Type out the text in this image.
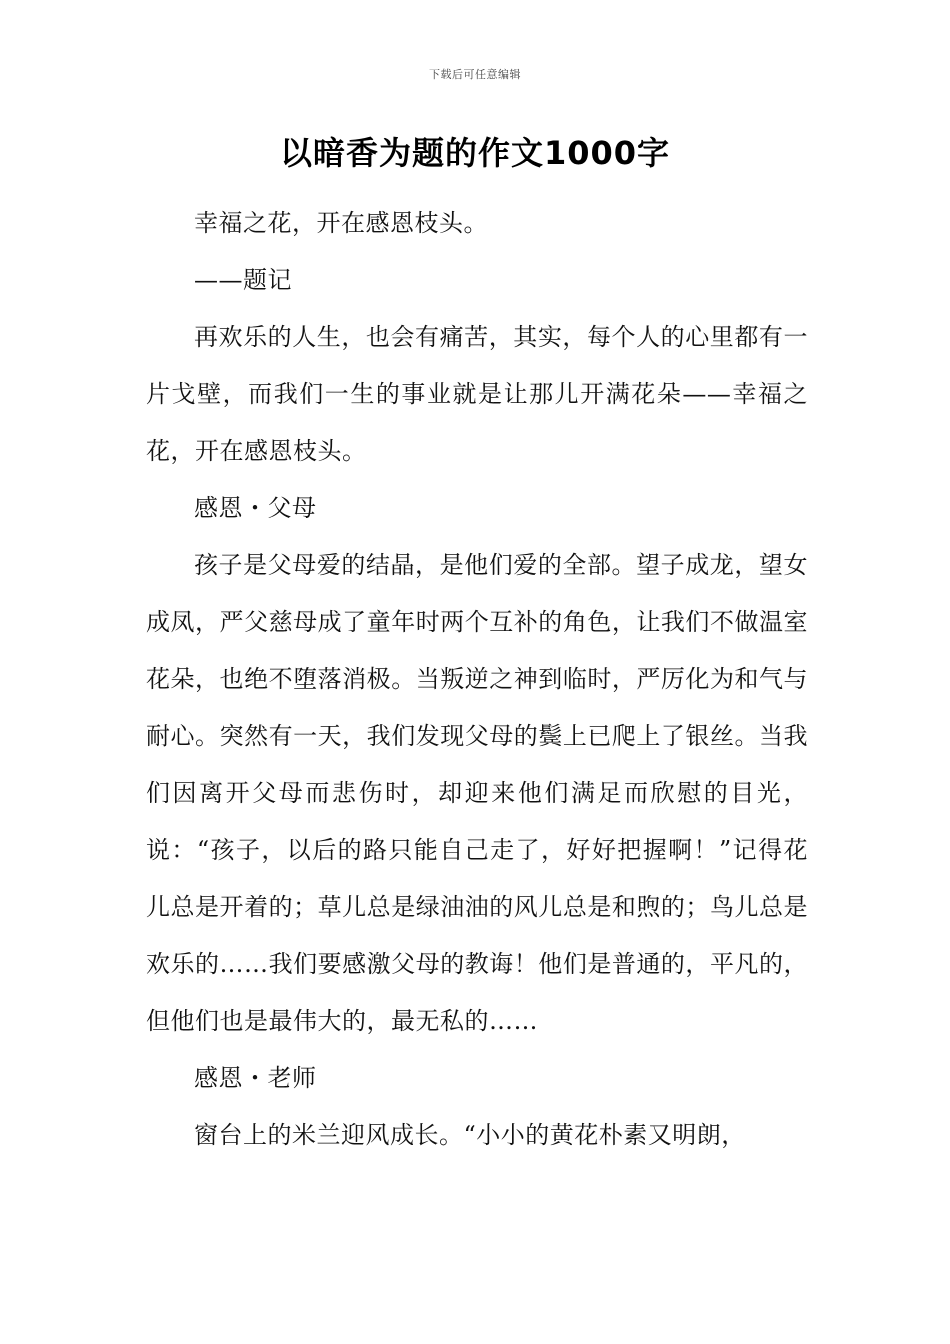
下载后可任意编辑
以暗香为题的作文1000字

幸福之花，开在感恩枝头。

——题记

再欢乐的人生，也会有痛苦，其实，每个人的心里都有一片戈壁，而我们一生的事业就是让那儿开满花朵——幸福之花，开在感恩枝头。

感恩・父母

孩子是父母爱的结晶，是他们爱的全部。望子成龙，望女成凤，严父慈母成了童年时两个互补的角色，让我们不做温室花朵，也绝不堕落消极。当叛逆之神到临时，严厉化为和气与耐心。突然有一天，我们发现父母的鬓上已爬上了银丝。当我们因离开父母而悲伤时，却迎来他们满足而欣慰的目光，说：“孩子，以后的路只能自己走了，好好把握啊！”记得花儿总是开着的；草儿总是绿油油的风儿总是和煦的；鸟儿总是欢乐的……我们要感激父母的教诲！他们是普通的，平凡的，但他们也是最伟大的，最无私的……

感恩・老师

窗台上的米兰迎风成长。“小小的黄花朴素又明朗，
